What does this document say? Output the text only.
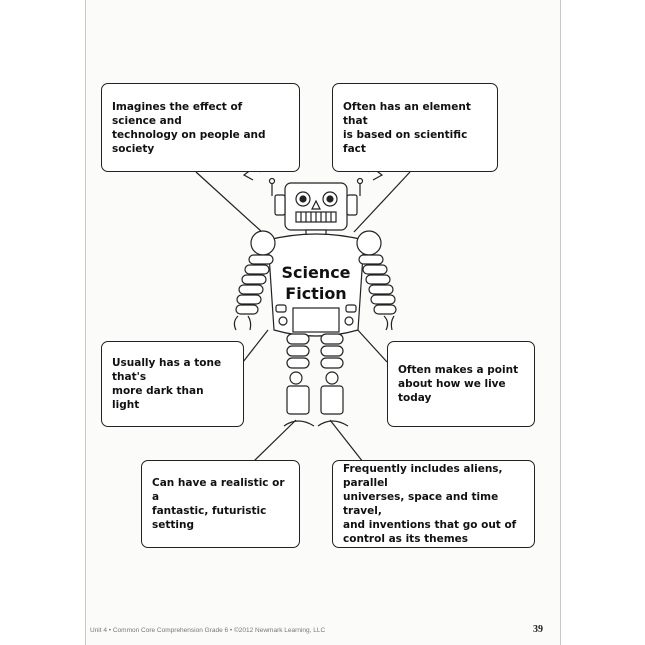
Science
Fiction
Imagines the effect of science and
technology on people and society
Often has an element that
is based on scientific fact
Usually has a tone that's
more dark than light
Often makes a point
about how we live today
Can have a realistic or a
fantastic, futuristic setting
Frequently includes aliens, parallel
universes, space and time travel,
and inventions that go out of
control as its themes
Unit 4 • Common Core Comprehension Grade 6 • ©2012 Newmark Learning, LLC	39
